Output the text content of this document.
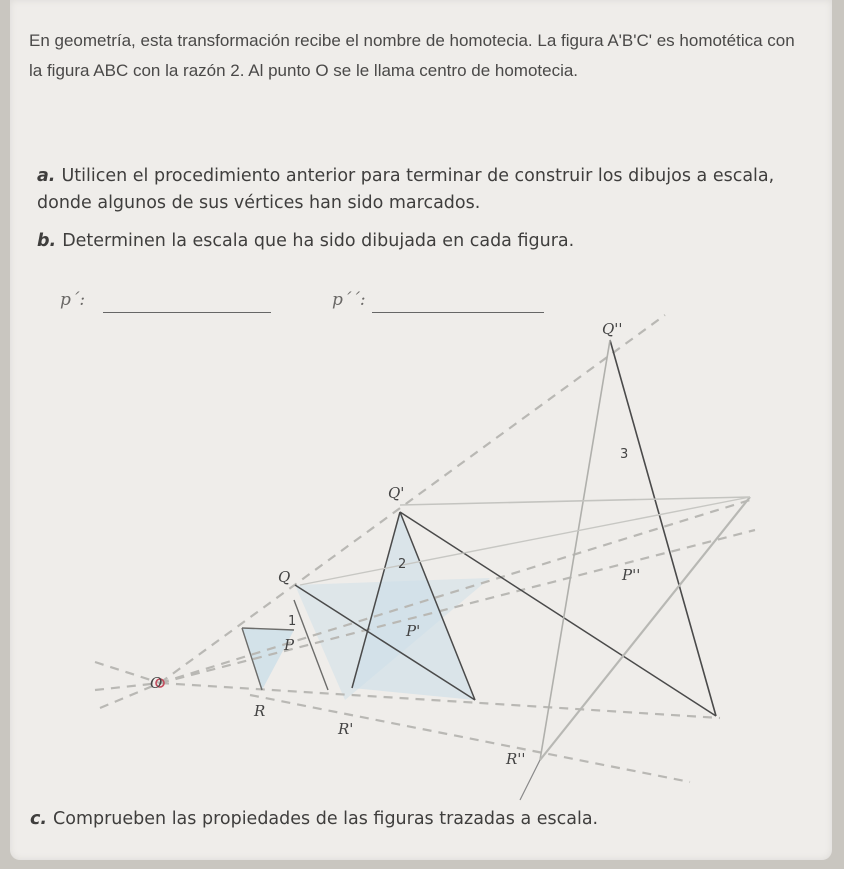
En geometría, esta transformación recibe el nombre de homotecia. La figura A'B'C' es homotética con la figura ABC con la razón 2. Al punto O se le llama centro de homotecia.
a. Utilicen el procedimiento anterior para terminar de construir los dibujos a escala, donde algunos de sus vértices han sido marcados.
b. Determinen la escala que ha sido dibujada en cada figura.
p´:	p´´:
O
Q
Q'
Q''
R
R'
R''
P
P'
P''
1
2
3
c. Comprueben las propiedades de las figuras trazadas a escala.
